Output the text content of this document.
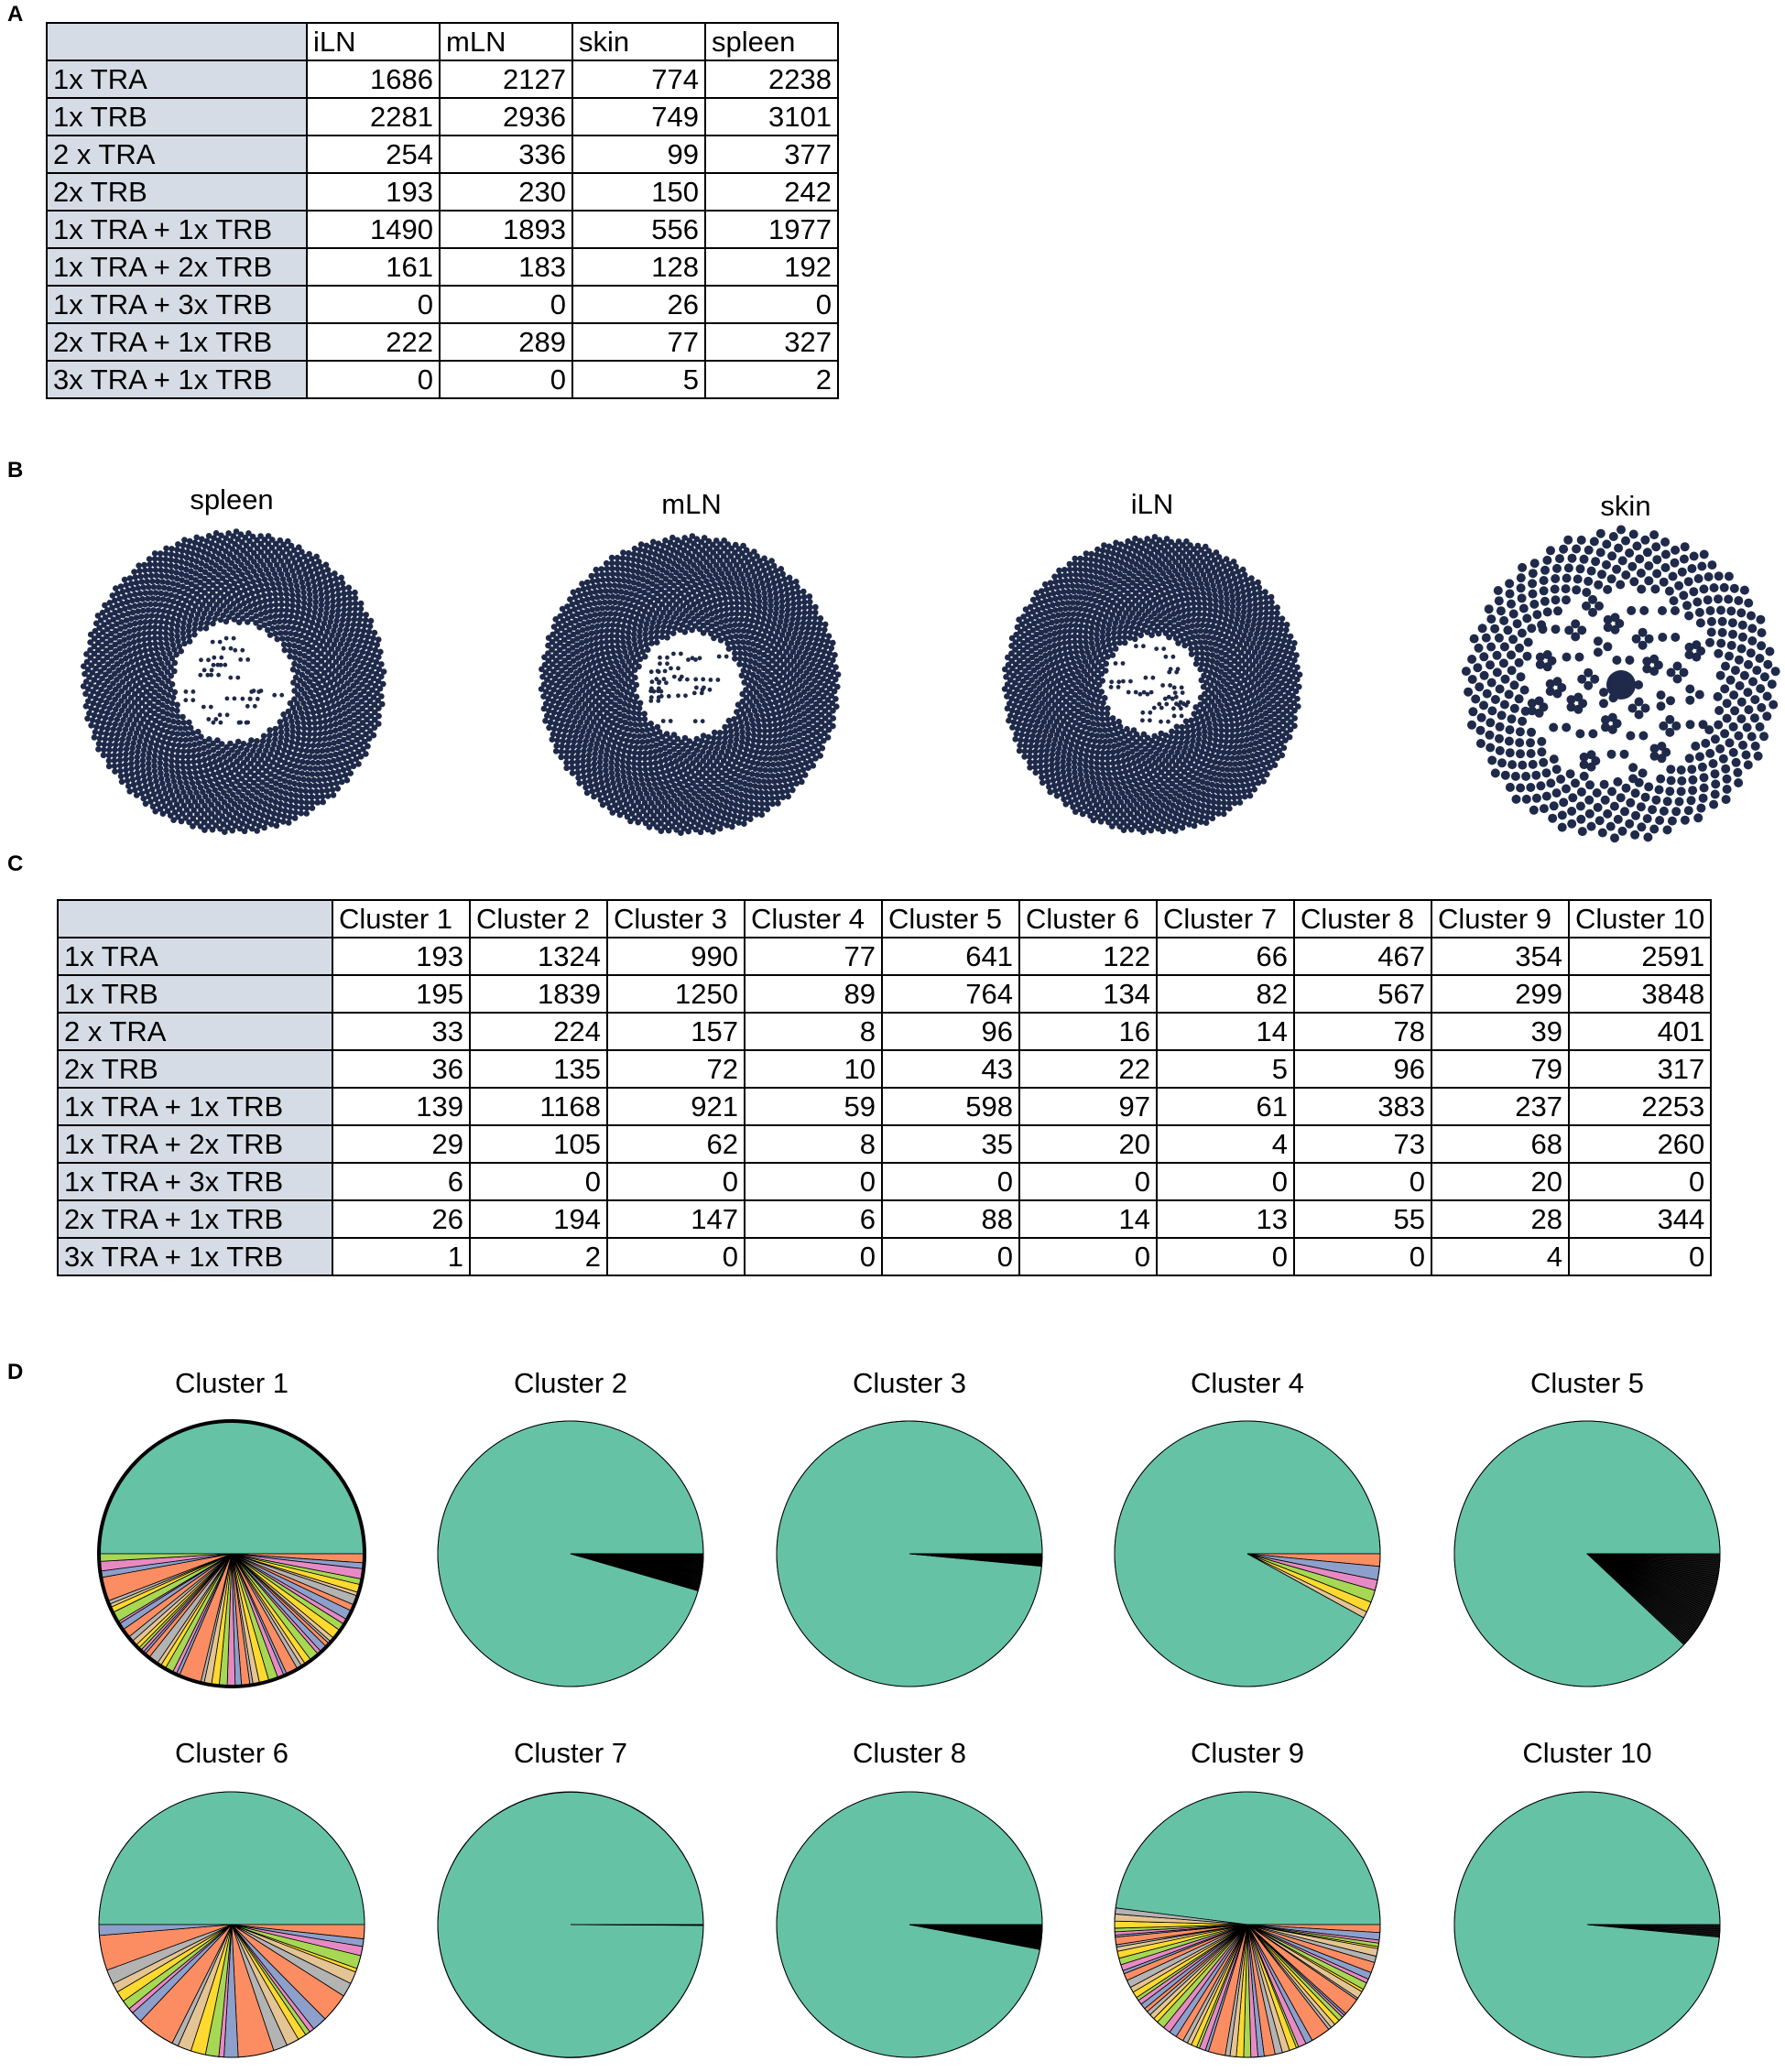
A
B
C
D
	iLN	mLN	skin	spleen
1x TRA	1686	2127	774	2238
1x TRB	2281	2936	749	3101
2 x TRA	254	336	99	377
2x TRB	193	230	150	242
1x TRA + 1x TRB	1490	1893	556	1977
1x TRA + 2x TRB	161	183	128	192
1x TRA + 3x TRB	0	0	26	0
2x TRA + 1x TRB	222	289	77	327
3x TRA + 1x TRB	0	0	5	2
spleen	mLN	iLN	skin
	Cluster 1	Cluster 2	Cluster 3	Cluster 4	Cluster 5	Cluster 6	Cluster 7	Cluster 8	Cluster 9	Cluster 10
1x TRA	193	1324	990	77	641	122	66	467	354	2591
1x TRB	195	1839	1250	89	764	134	82	567	299	3848
2 x TRA	33	224	157	8	96	16	14	78	39	401
2x TRB	36	135	72	10	43	22	5	96	79	317
1x TRA + 1x TRB	139	1168	921	59	598	97	61	383	237	2253
1x TRA + 2x TRB	29	105	62	8	35	20	4	73	68	260
1x TRA + 3x TRB	6	0	0	0	0	0	0	0	20	0
2x TRA + 1x TRB	26	194	147	6	88	14	13	55	28	344
3x TRA + 1x TRB	1	2	0	0	0	0	0	0	4	0
Cluster 1	Cluster 2	Cluster 3	Cluster 4	Cluster 5
Cluster 6	Cluster 7	Cluster 8	Cluster 9	Cluster 10
